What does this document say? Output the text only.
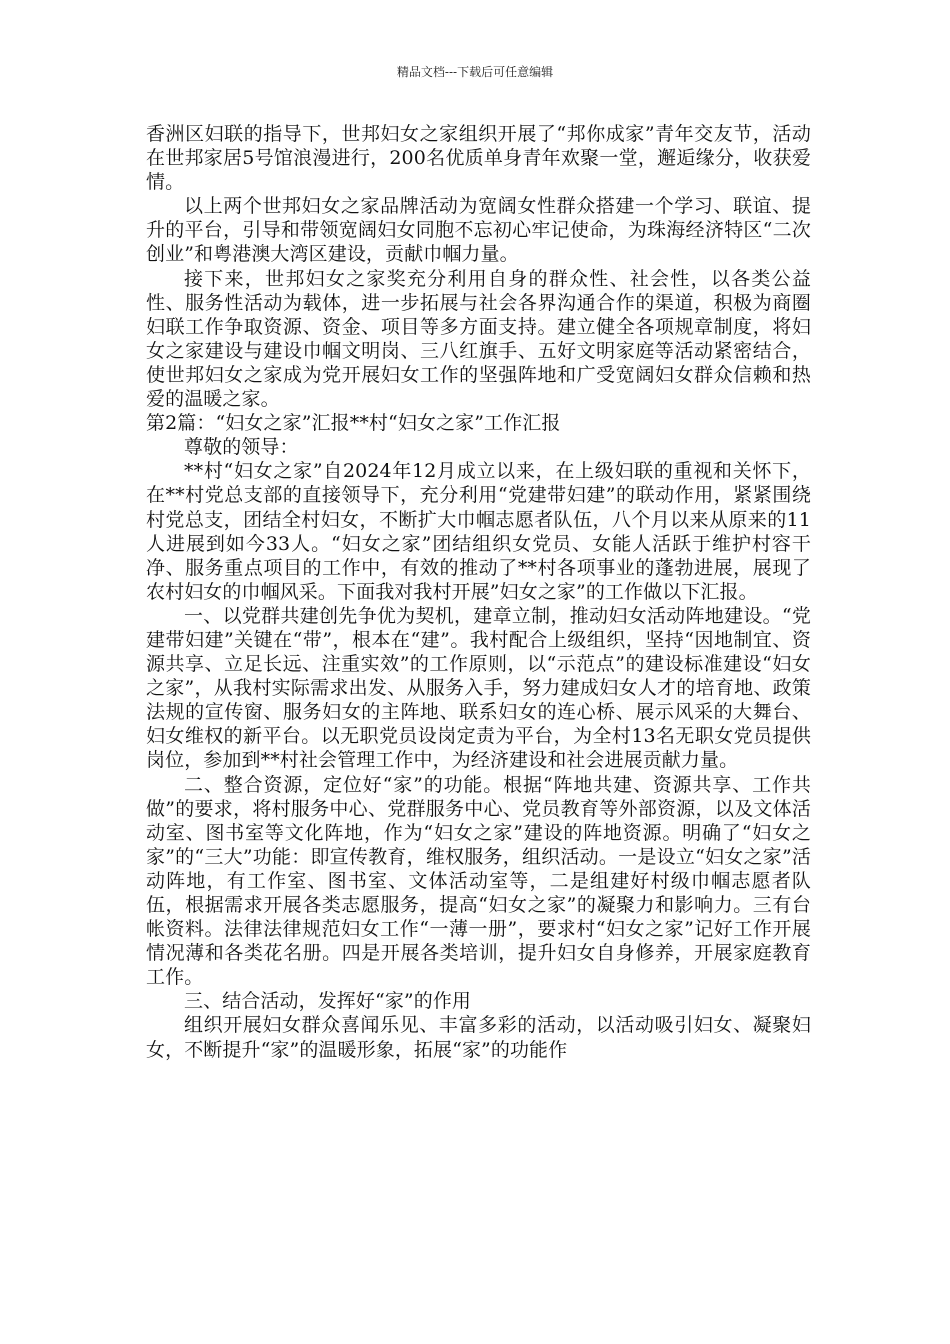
精品文档---下载后可任意编辑

香洲区妇联的指导下，世邦妇女之家组织开展了“邦你成家”青年交友节，活动在世邦家居5号馆浪漫进行，200名优质单身青年欢聚一堂，邂逅缘分，收获爱情。

以上两个世邦妇女之家品牌活动为宽阔女性群众搭建一个学习、联谊、提升的平台，引导和带领宽阔妇女同胞不忘初心牢记使命，为珠海经济特区“二次创业”和粤港澳大湾区建设，贡献巾帼力量。

接下来，世邦妇女之家奖充分利用自身的群众性、社会性，以各类公益性、服务性活动为载体，进一步拓展与社会各界沟通合作的渠道，积极为商圈妇联工作争取资源、资金、项目等多方面支持。建立健全各项规章制度，将妇女之家建设与建设巾帼文明岗、三八红旗手、五好文明家庭等活动紧密结合，使世邦妇女之家成为党开展妇女工作的坚强阵地和广受宽阔妇女群众信赖和热爱的温暖之家。

第2篇：“妇女之家”汇报**村“妇女之家”工作汇报

尊敬的领导：

**村“妇女之家”自2024年12月成立以来，在上级妇联的重视和关怀下，在**村党总支部的直接领导下，充分利用“党建带妇建”的联动作用，紧紧围绕村党总支，团结全村妇女，不断扩大巾帼志愿者队伍，八个月以来从原来的11人进展到如今33人。“妇女之家”团结组织女党员、女能人活跃于维护村容干净、服务重点项目的工作中，有效的推动了**村各项事业的蓬勃进展，展现了农村妇女的巾帼风采。下面我对我村开展”妇女之家”的工作做以下汇报。

一、以党群共建创先争优为契机，建章立制，推动妇女活动阵地建设。“党建带妇建”关键在“带”，根本在“建”。我村配合上级组织，坚持“因地制宜、资源共享、立足长远、注重实效”的工作原则，以“示范点”的建设标准建设“妇女之家”，从我村实际需求出发、从服务入手，努力建成妇女人才的培育地、政策法规的宣传窗、服务妇女的主阵地、联系妇女的连心桥、展示风采的大舞台、妇女维权的新平台。以无职党员设岗定责为平台，为全村13名无职女党员提供岗位，参加到**村社会管理工作中，为经济建设和社会进展贡献力量。

二、整合资源，定位好“家”的功能。根据“阵地共建、资源共享、工作共做”的要求，将村服务中心、党群服务中心、党员教育等外部资源，以及文体活动室、图书室等文化阵地，作为“妇女之家”建设的阵地资源。明确了“妇女之家”的“三大”功能：即宣传教育，维权服务，组织活动。一是设立“妇女之家”活动阵地，有工作室、图书室、文体活动室等，二是组建好村级巾帼志愿者队伍，根据需求开展各类志愿服务，提高“妇女之家”的凝聚力和影响力。三有台帐资料。法律法律规范妇女工作“一薄一册”，要求村“妇女之家”记好工作开展情况薄和各类花名册。四是开展各类培训，提升妇女自身修养，开展家庭教育工作。

三、结合活动，发挥好“家”的作用

组织开展妇女群众喜闻乐见、丰富多彩的活动，以活动吸引妇女、凝聚妇女，不断提升“家”的温暖形象，拓展“家”的功能作
